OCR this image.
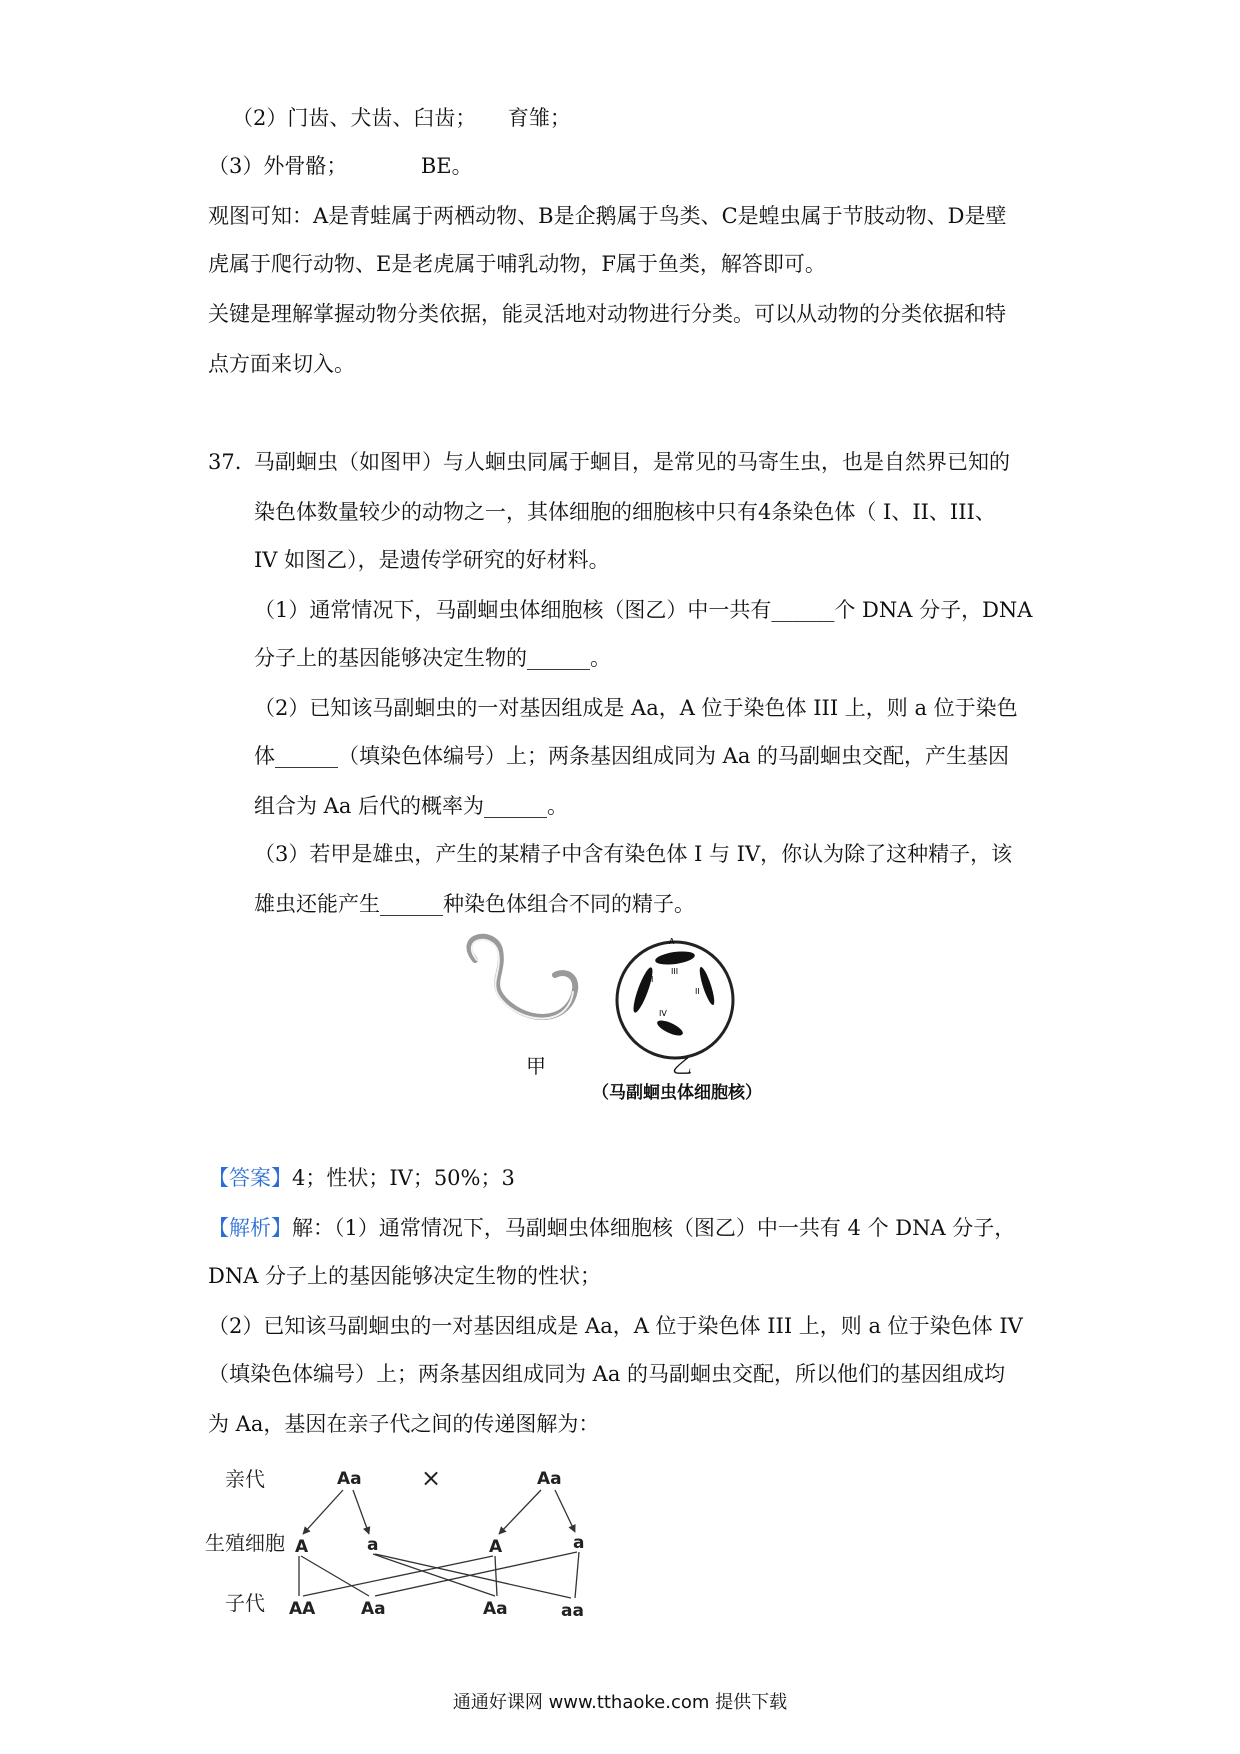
（2）门齿、犬齿、臼齿；　　育雏；
（3）外骨骼；　　　　BE。
观图可知：A是青蛙属于两栖动物、B是企鹅属于鸟类、C是蝗虫属于节肢动物、D是壁
虎属于爬行动物、E是老虎属于哺乳动物，F属于鱼类，解答即可。
关键是理解掌握动物分类依据，能灵活地对动物进行分类。可以从动物的分类依据和特
点方面来切入。
37. 马副蛔虫（如图甲）与人蛔虫同属于蛔目，是常见的马寄生虫，也是自然界已知的
染色体数量较少的动物之一，其体细胞的细胞核中只有4条染色体（ I、II、III、
IV 如图乙），是遗传学研究的好材料。
（1）通常情况下，马副蛔虫体细胞核（图乙）中一共有______个 DNA 分子，DNA
分子上的基因能够决定生物的______。
（2）已知该马副蛔虫的一对基因组成是 Aa，A 位于染色体 III 上，则 a 位于染色
体______（填染色体编号）上；两条基因组成同为 Aa 的马副蛔虫交配，产生基因
组合为 Aa 后代的概率为______。
（3）若甲是雄虫，产生的某精子中含有染色体 I 与 IV，你认为除了这种精子，该
雄虫还能产生______种染色体组合不同的精子。
A
III
I
IV
II
甲	乙
（马副蛔虫体细胞核）
【答案】4；性状；IV；50%；3
【解析】解：（1）通常情况下，马副蛔虫体细胞核（图乙）中一共有 4 个 DNA 分子，
DNA 分子上的基因能够决定生物的性状；
（2）已知该马副蛔虫的一对基因组成是 Aa，A 位于染色体 III 上，则 a 位于染色体 IV
（填染色体编号）上；两条基因组成同为 Aa 的马副蛔虫交配，所以他们的基因组成均
为 Aa，基因在亲子代之间的传递图解为：
亲代
生殖细胞
子代
Aa ×	Aa
A	a	A	a
AA	Aa	Aa	aa
通通好课网 www.tthaoke.com 提供下载
